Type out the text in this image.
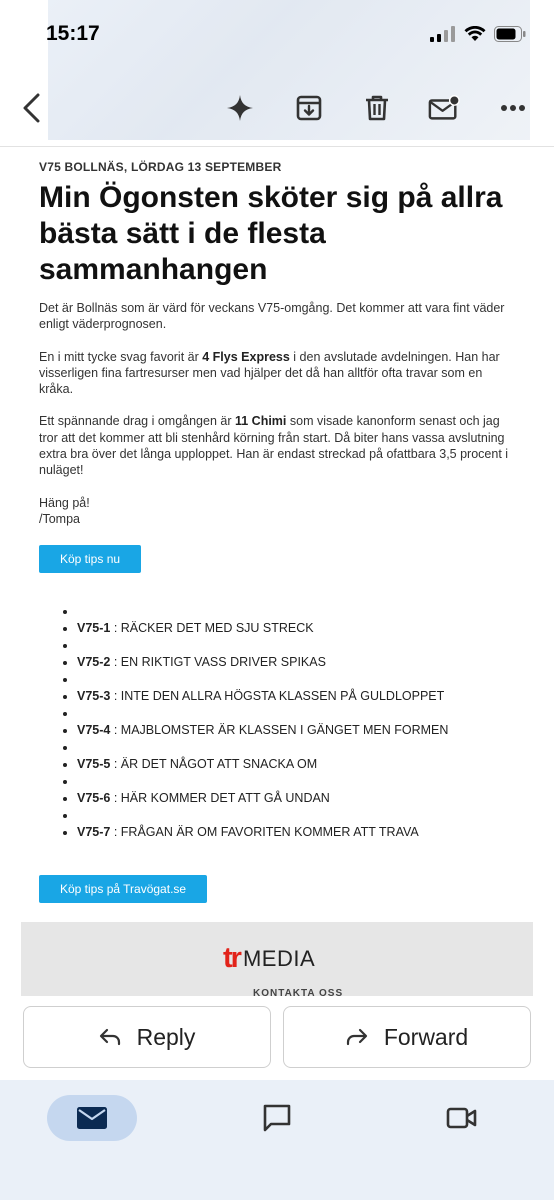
15:17
V75 BOLLNÄS, LÖRDAG 13 SEPTEMBER
Min Ögonsten sköter sig på allra bästa sätt i de flesta sammanhangen

Det är Bollnäs som är värd för veckans V75-omgång. Det kommer att vara fint väder enligt väderprognosen.

En i mitt tycke svag favorit är 4 Flys Express i den avslutade avdelningen. Han har visserligen fina fartresurser men vad hjälper det då han alltför ofta travar som en kråka.

Ett spännande drag i omgången är 11 Chimi som visade kanonform senast och jag tror att det kommer att bli stenhård körning från start. Då biter hans vassa avslutning extra bra över det långa upploppet. Han är endast streckad på ofattbara 3,5 procent i nuläget!

Häng på!
/Tompa
Köp tips nu
•
• V75-1 : RÄCKER DET MED SJU STRECK
•
• V75-2 : EN RIKTIGT VASS DRIVER SPIKAS
•
• V75-3 : INTE DEN ALLRA HÖGSTA KLASSEN PÅ GULDLOPPET
•
• V75-4 : MAJBLOMSTER ÄR KLASSEN I GÄNGET MEN FORMEN
•
• V75-5 : ÄR DET NÅGOT ATT SNACKA OM
•
• V75-6 : HÄR KOMMER DET ATT GÅ UNDAN
•
• V75-7 : FRÅGAN ÄR OM FAVORITEN KOMMER ATT TRAVA
Köp tips på Travögat.se
tr MEDIA
KONTAKTA OSS
Reply	Forward
